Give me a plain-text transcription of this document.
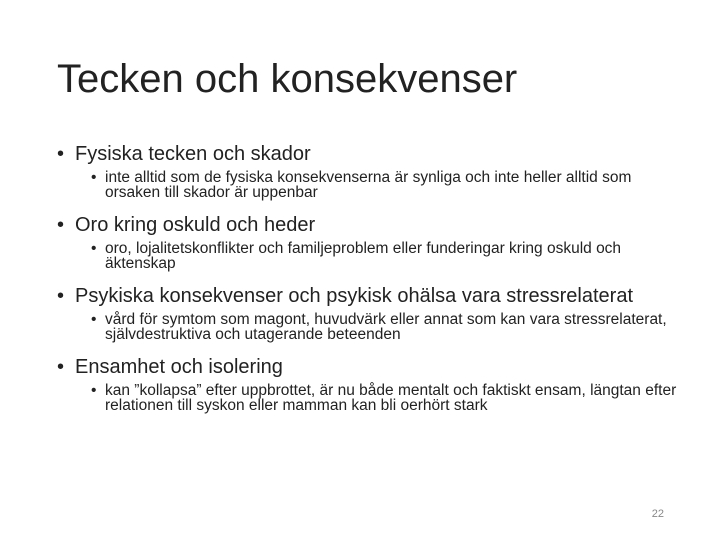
Tecken och konsekvenser
• Fysiska tecken och skador
• inte alltid som de fysiska konsekvenserna är synliga och inte heller alltid som orsaken till skador är uppenbar
• Oro kring oskuld och heder
• oro, lojalitetskonflikter och familjeproblem eller funderingar kring oskuld och äktenskap
• Psykiska konsekvenser och psykisk ohälsa vara stressrelaterat
• vård för symtom som magont, huvudvärk eller annat som kan vara stressrelaterat, självdestruktiva och utagerande beteenden
• Ensamhet och isolering
• kan ”kollapsa” efter uppbrottet, är nu både mentalt och faktiskt ensam, längtan efter relationen till syskon eller mamman kan bli oerhört stark
22
